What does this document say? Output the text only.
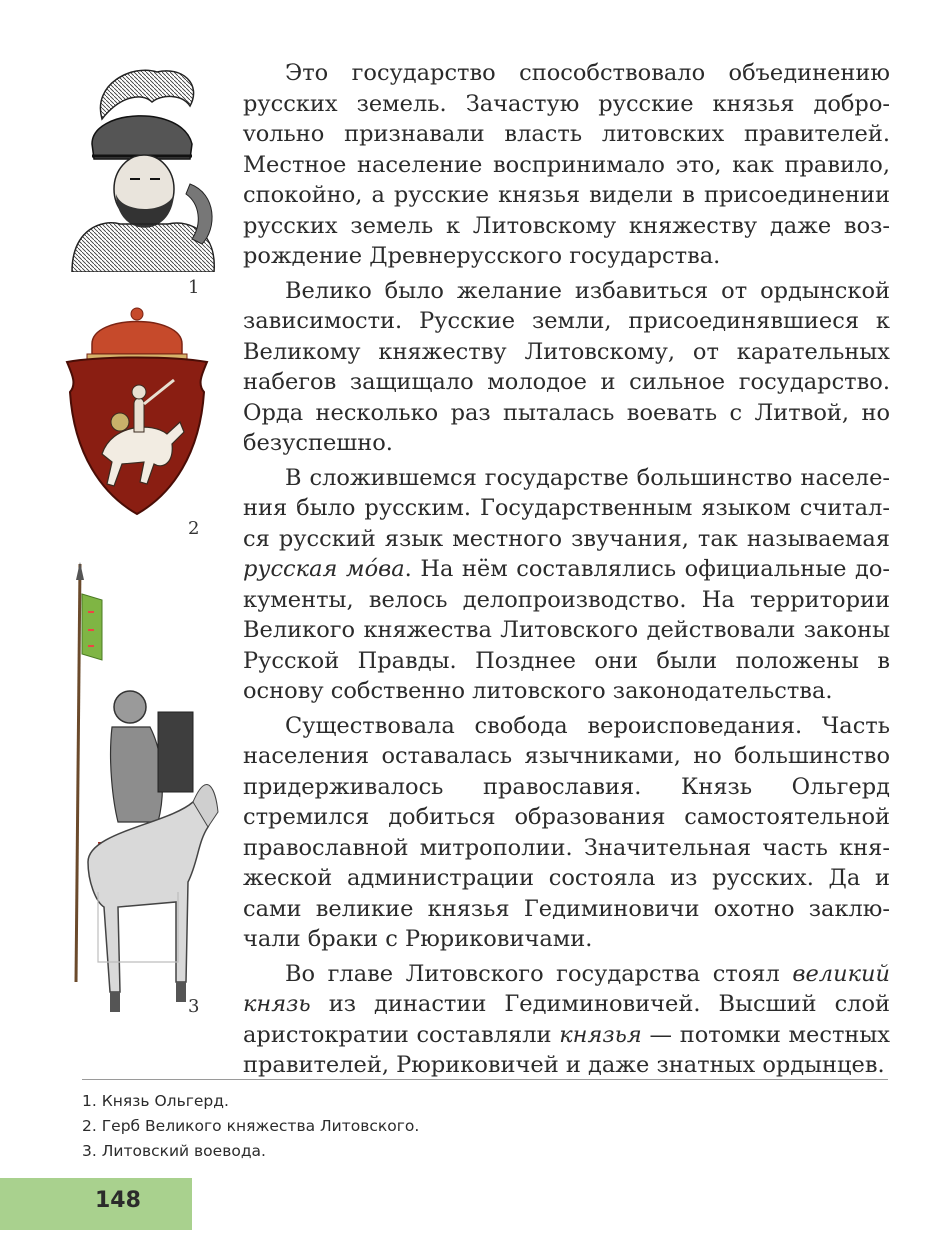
1
2
3

Это государство способствовало объединению русских земель. Зачастую русские князья доброvольно признавали власть литовских правителей. Местное население воспринимало это, как правило, спокойно, а русские князья видели в присоединении русских земель к Литовскому княжеству даже возрождение Древнерусского государства.

Велико было желание избавиться от ордынской зависимости. Русские земли, присоединявшиеся к Великому княжеству Литовскому, от карательных набегов защищало молодое и сильное государство. Орда несколько раз пыталась воевать с Литвой, но безуспешно.

В сложившемся государстве большинство населения было русским. Государственным языком считался русский язык местного звучания, так называемая русская мо́ва. На нём составлялись официальные документы, велось делопроизводство. На территории Великого княжества Литовского действовали законы Русской Правды. Позднее они были положены в основу собственно литовского законодательства.

Существовала свобода вероисповедания. Часть населения оставалась язычниками, но большинство придерживалось православия. Князь Ольгерд стремился добиться образования самостоятельной православной митрополии. Значительная часть княжеской администрации состояла из русских. Да и сами великие князья Гедиминовичи охотно заключали браки с Рюриковичами.

Во главе Литовского государства стоял великий князь из династии Гедиминовичей. Высший слой аристократии составляли князья — потомки местных правителей, Рюриковичей и даже знатных ордынцев.

1. Князь Ольгерд.
2. Герб Великого княжества Литовского.
3. Литовский воевода.
148
